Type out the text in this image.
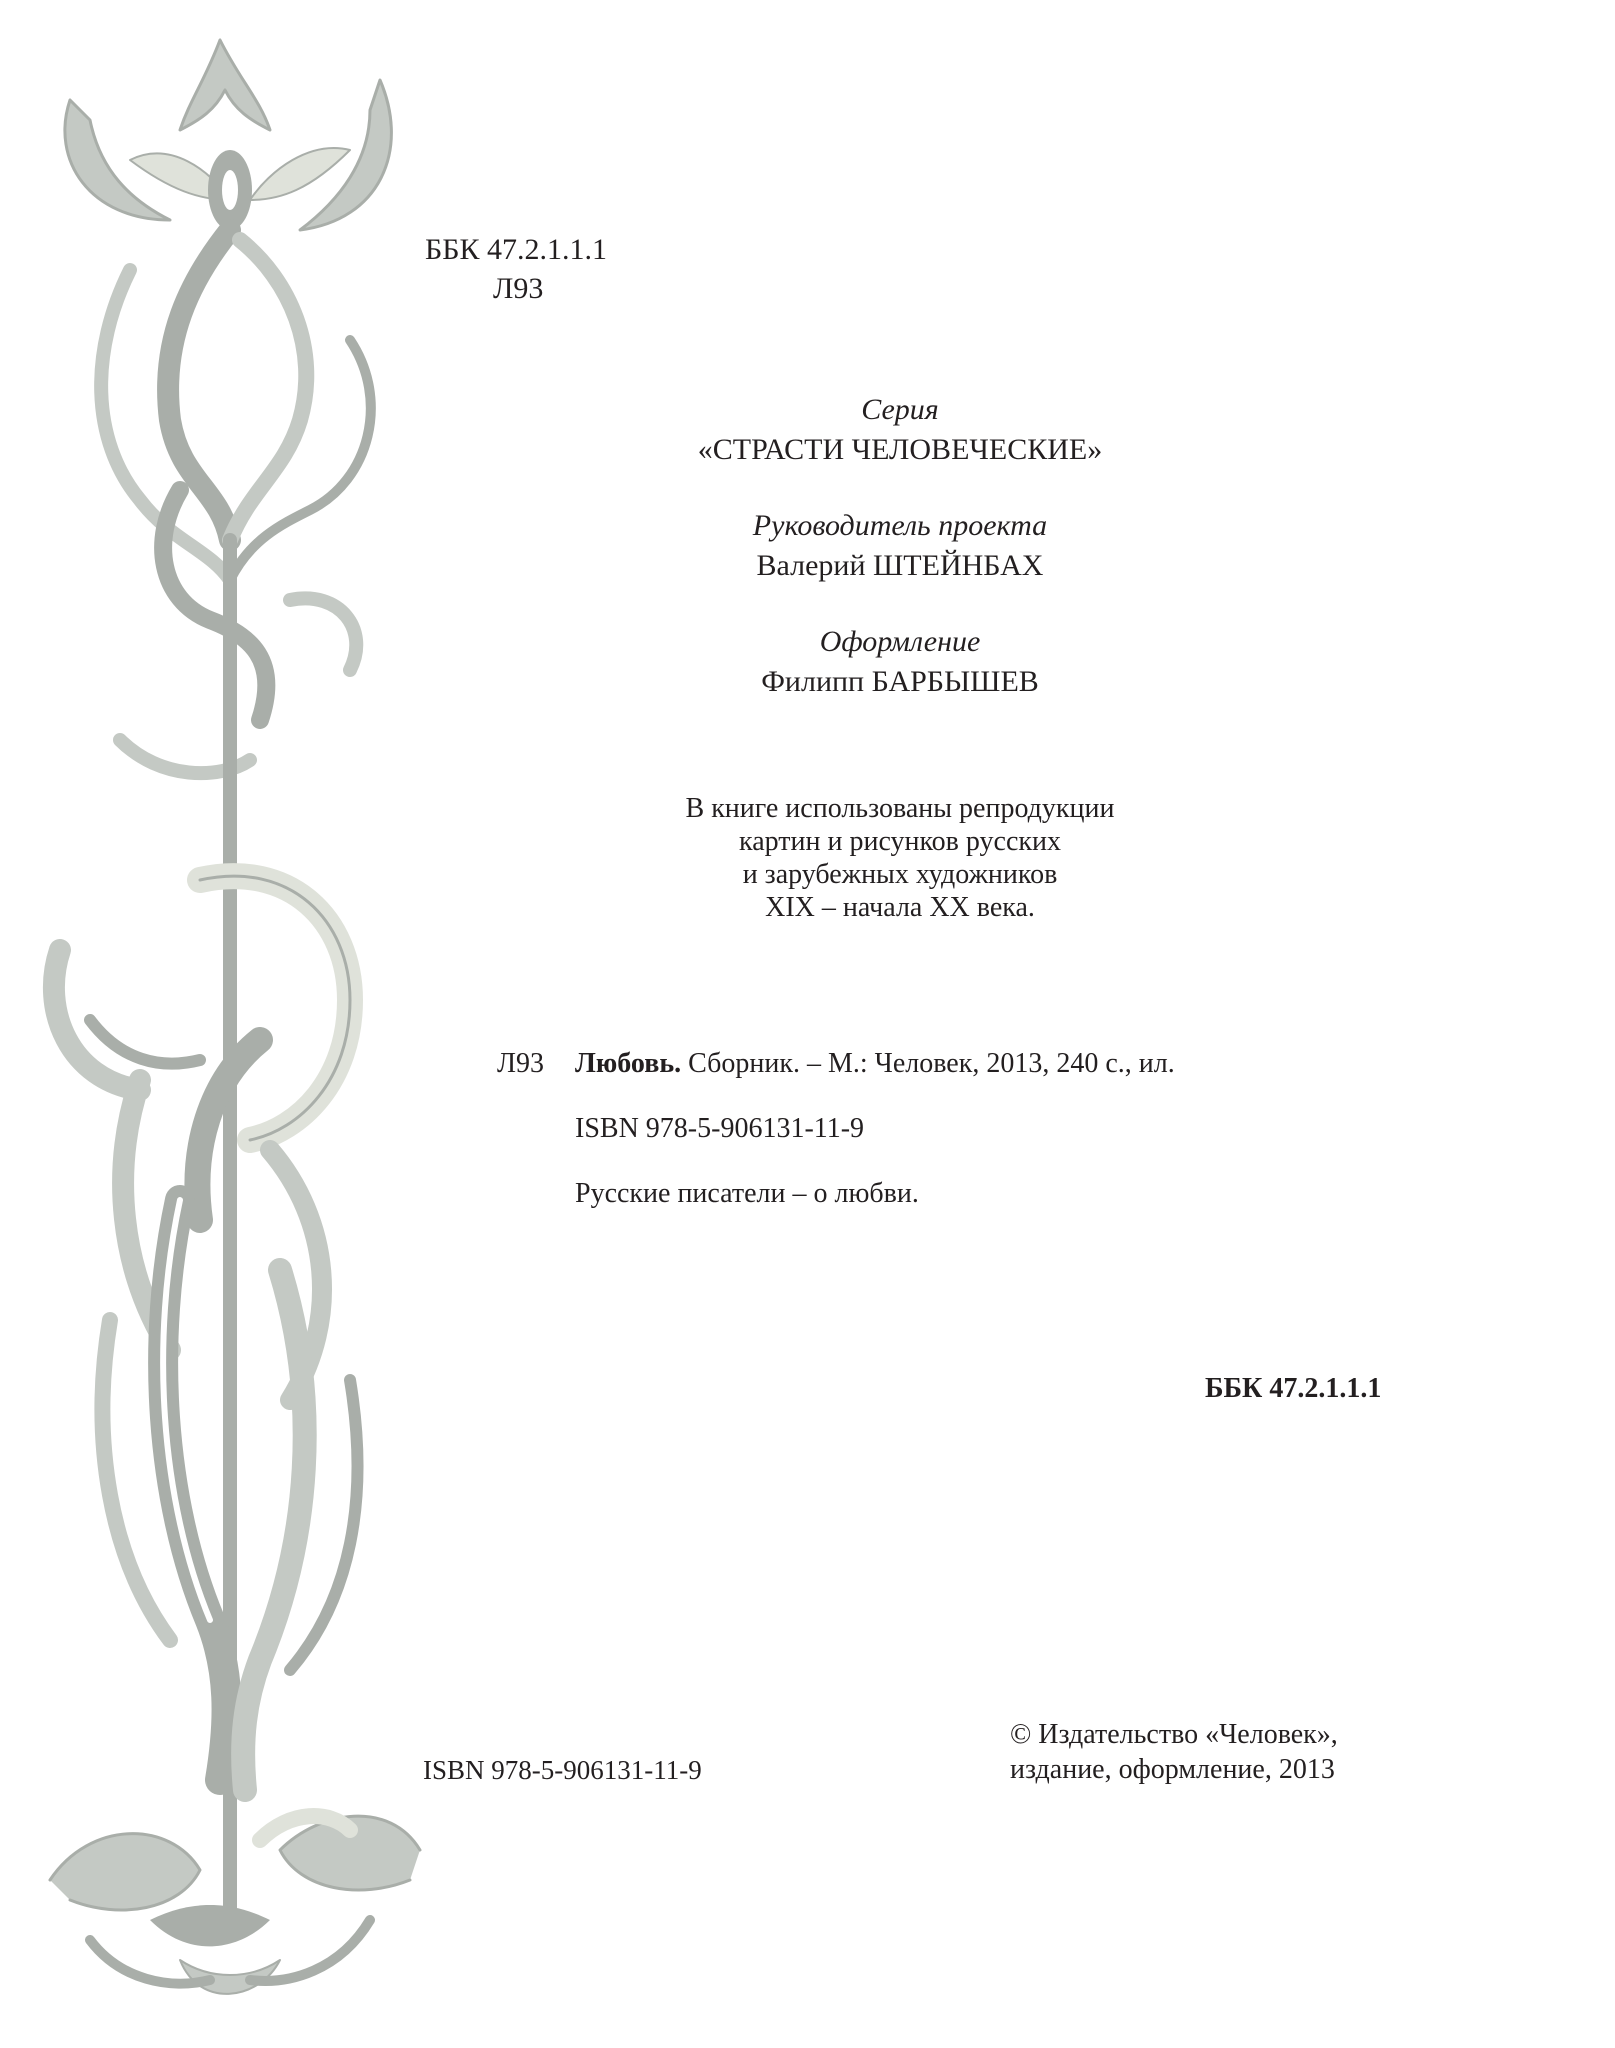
ББК 47.2.1.1.1
Л93
Серия
«СТРАСТИ ЧЕЛОВЕЧЕСКИЕ»
Руководитель проекта
Валерий ШТЕЙНБАХ
Оформление
Филипп БАРБЫШЕВ
В книге использованы репродукции
картин и рисунков русских
и зарубежных художников
XIX – начала XX века.
Л93 Любовь. Сборник. – М.: Человек, 2013, 240 с., ил.
ISBN 978-5-906131-11-9
Русские писатели – о любви.
ББК 47.2.1.1.1
ISBN 978-5-906131-11-9
© Издательство «Человек»,
издание, оформление, 2013
